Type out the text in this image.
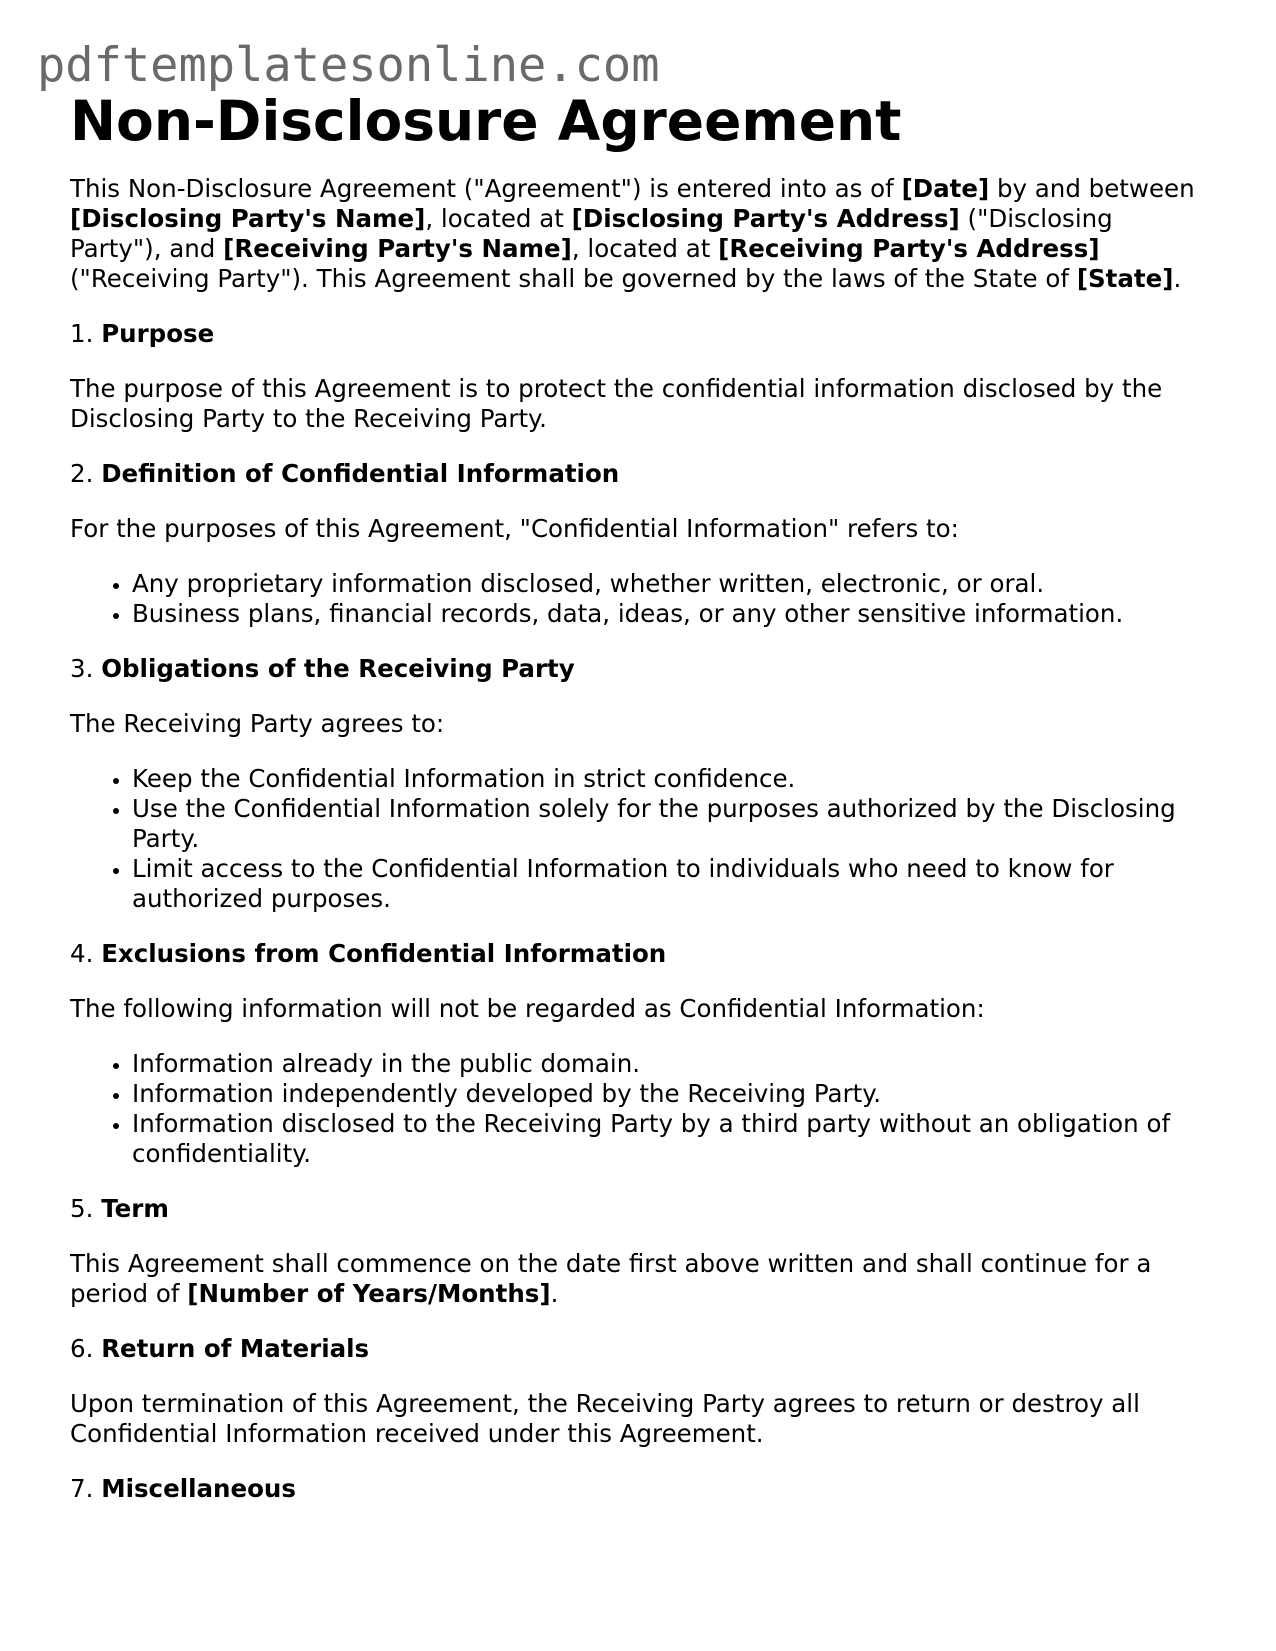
pdftemplatesonline.com
Non-Disclosure Agreement

This Non-Disclosure Agreement ("Agreement") is entered into as of [Date] by and between [Disclosing Party's Name], located at [Disclosing Party's Address] ("Disclosing Party"), and [Receiving Party's Name], located at [Receiving Party's Address] ("Receiving Party"). This Agreement shall be governed by the laws of the State of [State].

1. Purpose

The purpose of this Agreement is to protect the confidential information disclosed by the Disclosing Party to the Receiving Party.

2. Definition of Confidential Information

For the purposes of this Agreement, "Confidential Information" refers to:

• Any proprietary information disclosed, whether written, electronic, or oral.
• Business plans, financial records, data, ideas, or any other sensitive information.

3. Obligations of the Receiving Party

The Receiving Party agrees to:

• Keep the Confidential Information in strict confidence.
• Use the Confidential Information solely for the purposes authorized by the Disclosing Party.
• Limit access to the Confidential Information to individuals who need to know for authorized purposes.

4. Exclusions from Confidential Information

The following information will not be regarded as Confidential Information:

• Information already in the public domain.
• Information independently developed by the Receiving Party.
• Information disclosed to the Receiving Party by a third party without an obligation of confidentiality.

5. Term

This Agreement shall commence on the date first above written and shall continue for a period of [Number of Years/Months].

6. Return of Materials

Upon termination of this Agreement, the Receiving Party agrees to return or destroy all Confidential Information received under this Agreement.

7. Miscellaneous
